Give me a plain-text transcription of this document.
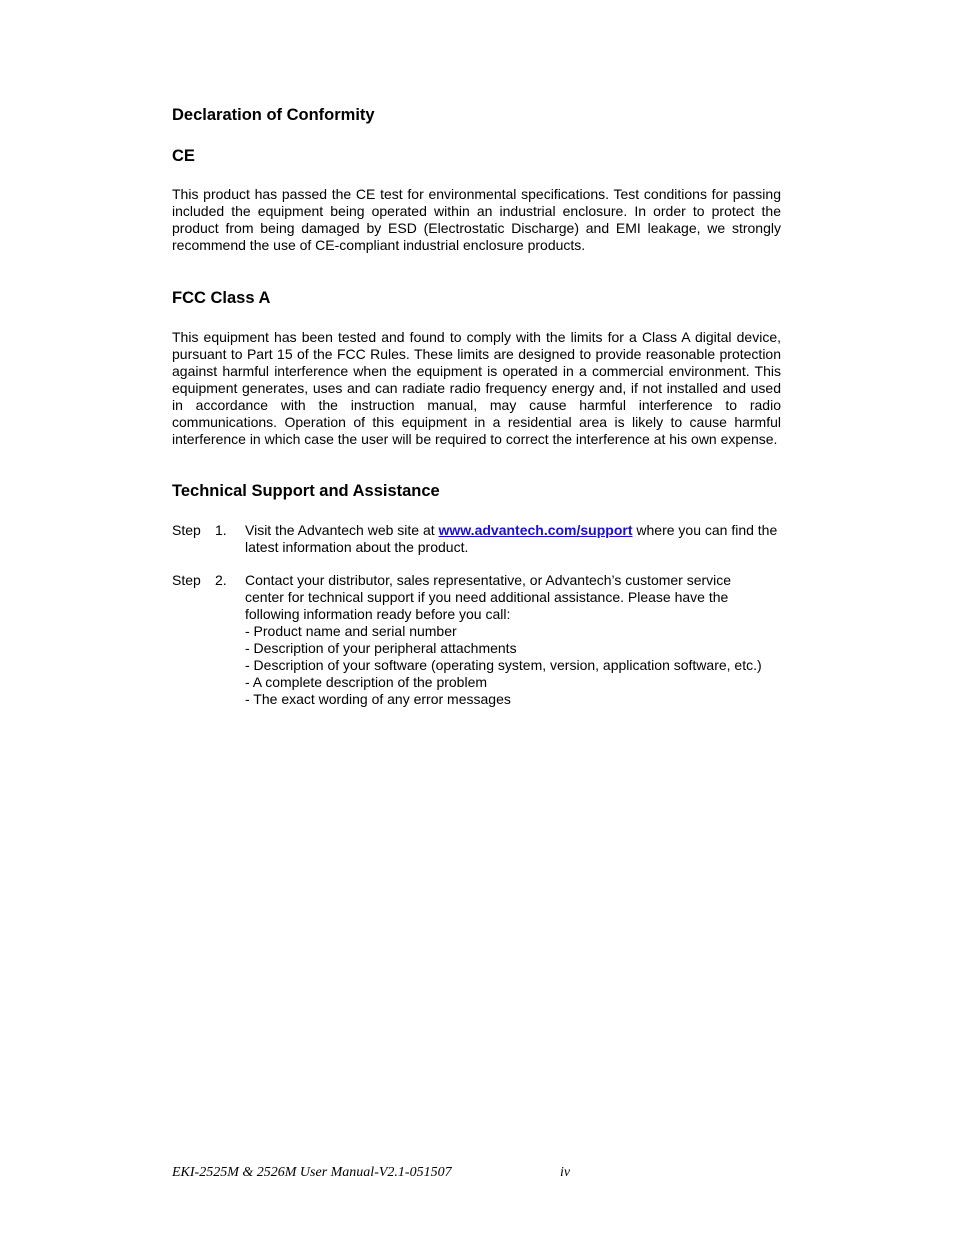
Declaration of Conformity
CE

This product has passed the CE test for environmental specifications. Test conditions for passing included the equipment being operated within an industrial enclosure. In order to protect the product from being damaged by ESD (Electrostatic Discharge) and EMI leakage, we strongly recommend the use of CE-compliant industrial enclosure products.

FCC Class A

This equipment has been tested and found to comply with the limits for a Class A digital device, pursuant to Part 15 of the FCC Rules. These limits are designed to provide reasonable protection against harmful interference when the equipment is operated in a commercial environment. This equipment generates, uses and can radiate radio frequency energy and, if not installed and used in accordance with the instruction manual, may cause harmful interference to radio communications. Operation of this equipment in a residential area is likely to cause harmful interference in which case the user will be required to correct the interference at his own expense.

Technical Support and Assistance
Step 1. Visit the Advantech web site at www.advantech.com/support where you can find the latest information about the product.
Step 2. Contact your distributor, sales representative, or Advantech’s customer service center for technical support if you need additional assistance. Please have the following information ready before you call:
- Product name and serial number
- Description of your peripheral attachments
- Description of your software (operating system, version, application software, etc.)
- A complete description of the problem
- The exact wording of any error messages
EKI-2525M & 2526M User Manual-V2.1-051507	iv
